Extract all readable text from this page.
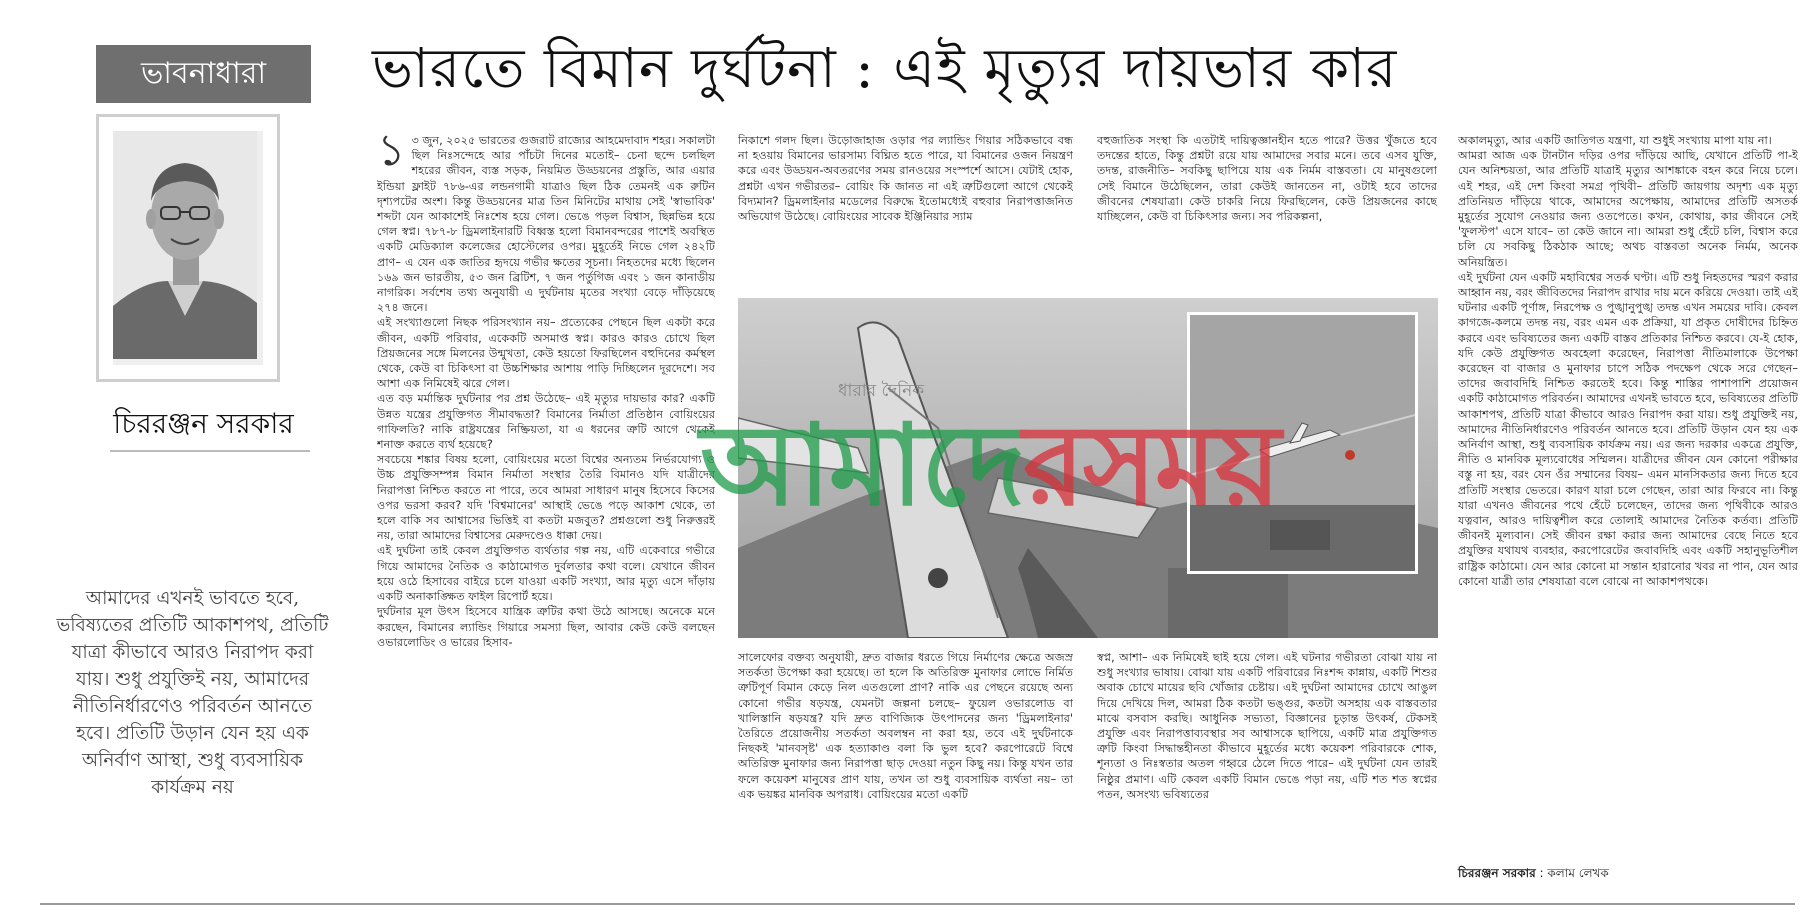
ভাবনাধারা	ভারতে বিমান দুর্ঘটনা : এই মৃত্যুর দায়ভার কার
চিররঞ্জন সরকার
আমাদের এখনই ভাবতে হবে, ভবিষ্যতের প্রতিটি আকাশপথ, প্রতিটি যাত্রা কীভাবে আরও নিরাপদ করা যায়। শুধু প্রযুক্তিই নয়, আমাদের নীতিনির্ধারণেও পরিবর্তন আনতে হবে। প্রতিটি উড়ান যেন হয় এক অনির্বাণ আস্থা, শুধু ব্যবসায়িক কার্যক্রম নয়

১ ৩ জুন, ২০২৫ ভারতের গুজরাট রাজ্যের আহমেদাবাদ শহর। সকালটা ছিল নিঃসন্দেহে আর পাঁচটা দিনের মতোই– চেনা ছন্দে চলছিল শহরের জীবন, ব্যস্ত সড়ক, নিয়মিত উড্ডয়নের প্রস্তুতি, আর এয়ার ইন্ডিয়া ফ্লাইট ৭৮৬-এর লন্ডনগামী যাত্রাও ছিল ঠিক তেমনই এক রুটিন দৃশ্যপটের অংশ। কিন্তু উড্ডয়নের মাত্র তিন মিনিটের মাথায় সেই 'স্বাভাবিক' শব্দটা যেন আকাশেই নিঃশেষ হয়ে গেল। ভেঙে পড়ল বিশ্বাস, ছিন্নভিন্ন হয়ে গেল স্বপ্ন। ৭৮৭-৮ ড্রিমলাইনারটি বিধ্বস্ত হলো বিমানবন্দরের পাশেই অবস্থিত একটি মেডিক্যাল কলেজের হোস্টেলের ওপর। মুহূর্তেই নিভে গেল ২৪২টি প্রাণ– এ যেন এক জাতির হৃদয়ে গভীর ক্ষতের সূচনা। নিহতদের মধ্যে ছিলেন ১৬৯ জন ভারতীয়, ৫৩ জন ব্রিটিশ, ৭ জন পর্তুগিজ এবং ১ জন কানাডীয় নাগরিক। সর্বশেষ তথ্য অনুযায়ী এ দুর্ঘটনায় মৃতের সংখ্যা বেড়ে দাঁড়িয়েছে ২৭৪ জনে।

এই সংখ্যাগুলো নিছক পরিসংখ্যান নয়– প্রত্যেকের পেছনে ছিল একটা করে জীবন, একটি পরিবার, একেকটি অসমাপ্ত স্বপ্ন। কারও কারও চোখে ছিল প্রিয়জনের সঙ্গে মিলনের উন্মুখতা, কেউ হয়তো ফিরছিলেন বহুদিনের কর্মস্থল থেকে, কেউ বা চিকিৎসা বা উচ্চশিক্ষার আশায় পাড়ি দিচ্ছিলেন দূরদেশে। সব আশা এক নিমিষেই ঝরে গেল।

এত বড় মর্মান্তিক দুর্ঘটনার পর প্রশ্ন উঠেছে– এই মৃত্যুর দায়ভার কার? একটি উন্নত যন্ত্রের প্রযুক্তিগত সীমাবদ্ধতা? বিমানের নির্মাতা প্রতিষ্ঠান বোয়িংয়ের গাফিলতি? নাকি রাষ্ট্রযন্ত্রের নিষ্ক্রিয়তা, যা এ ধরনের ত্রুটি আগে থেকেই শনাক্ত করতে ব্যর্থ হয়েছে?

সবচেয়ে শঙ্কার বিষয় হলো, বোয়িংয়ের মতো বিশ্বের অন্যতম নির্ভরযোগ্য ও উচ্চ প্রযুক্তিসম্পন্ন বিমান নির্মাতা সংস্থার তৈরি বিমানও যদি যাত্রীদের নিরাপত্তা নিশ্চিত করতে না পারে, তবে আমরা সাধারণ মানুষ হিসেবে কিসের ওপর ভরসা করব? যদি 'বিশ্বমানের' আস্থাই ভেঙে পড়ে আকাশ থেকে, তা হলে বাকি সব আশ্বাসের ভিত্তিই বা কতটা মজবুত? প্রশ্নগুলো শুধু নিরুত্তরই নয়, তারা আমাদের বিশ্বাসের মেরুদণ্ডেও ধাক্কা দেয়।

এই দুর্ঘটনা তাই কেবল প্রযুক্তিগত ব্যর্থতার গল্প নয়, এটি একেবারে গভীরে গিয়ে আমাদের নৈতিক ও কাঠামোগত দুর্বলতার কথা বলে। যেখানে জীবন হয়ে ওঠে হিসাবের বাইরে চলে যাওয়া একটি সংখ্যা, আর মৃত্যু এসে দাঁড়ায় একটি অনাকাঙ্ক্ষিত ফাইল রিপোর্ট হয়ে।

দুর্ঘটনার মূল উৎস হিসেবে যান্ত্রিক ত্রুটির কথা উঠে আসছে। অনেকে মনে করছেন, বিমানের ল্যান্ডিং গিয়ারে সমস্যা ছিল, আবার কেউ কেউ বলছেন ওভারলোডিং ও ভারের হিসাব-

নিকাশে গলদ ছিল। উড়োজাহাজ ওড়ার পর ল্যান্ডিং গিয়ার সঠিকভাবে বন্ধ না হওয়ায় বিমানের ভারসাম্য বিঘ্নিত হতে পারে, যা বিমানের ওজন নিয়ন্ত্রণ করে এবং উড্ডয়ন-অবতরণের সময় রানওয়ের সংস্পর্শে আসে। যেটাই হোক, প্রশ্নটা এখন গভীরতর– বোয়িং কি জানত না এই ত্রুটিগুলো আগে থেকেই বিদ্যমান? ড্রিমলাইনার মডেলের বিরুদ্ধে ইতোমধ্যেই বহুবার নিরাপত্তাজনিত অভিযোগ উঠেছে। বোয়িংয়ের সাবেক ইঞ্জিনিয়ার স্যাম
বহুজাতিক সংস্থা কি এতটাই দায়িত্বজ্ঞানহীন হতে পারে? উত্তর খুঁজতে হবে তদন্তের হাতে, কিন্তু প্রশ্নটা রয়ে যায় আমাদের সবার মনে। তবে এসব যুক্তি, তদন্ত, রাজনীতি– সবকিছু ছাপিয়ে যায় এক নির্মম বাস্তবতা। যে মানুষগুলো সেই বিমানে উঠেছিলেন, তারা কেউই জানতেন না, ওটাই হবে তাদের জীবনের শেষযাত্রা। কেউ চাকরি নিয়ে ফিরছিলেন, কেউ প্রিয়জনের কাছে যাচ্ছিলেন, কেউ বা চিকিৎসার জন্য। সব পরিকল্পনা,
আমাদেরসময়
ধারার দৈনিক
সালেফোর বক্তব্য অনুযায়ী, দ্রুত বাজার ধরতে গিয়ে নির্মাণের ক্ষেত্রে অজস্র সতর্কতা উপেক্ষা করা হয়েছে। তা হলে কি অতিরিক্ত মুনাফার লোভে নির্মিত ত্রুটিপূর্ণ বিমান কেড়ে নিল এতগুলো প্রাণ? নাকি এর পেছনে রয়েছে অন্য কোনো গভীর ষড়যন্ত্র, যেমনটা জল্পনা চলছে– ফুয়েল ওভারলোড বা খালিস্তানি ষড়যন্ত্র? যদি দ্রুত বাণিজ্যিক উৎপাদনের জন্য 'ড্রিমলাইনার' তৈরিতে প্রয়োজনীয় সতর্কতা অবলম্বন না করা হয়, তবে এই দুর্ঘটনাকে নিছকই 'মানবসৃষ্ট' এক হত্যাকাণ্ড বলা কি ভুল হবে? করপোরেটে বিশ্বে অতিরিক্ত মুনাফার জন্য নিরাপত্তা ছাড় দেওয়া নতুন কিছু নয়। কিন্তু যখন তার ফলে কয়েকশ মানুষের প্রাণ যায়, তখন তা শুধু ব্যবসায়িক ব্যর্থতা নয়– তা এক ভয়ঙ্কর মানবিক অপরাধ। বোয়িংয়ের মতো একটি
স্বপ্ন, আশা– এক নিমিষেই ছাই হয়ে গেল। এই ঘটনার গভীরতা বোঝা যায় না শুধু সংখ্যার ভাষায়। বোঝা যায় একটি পরিবারের নিঃশব্দ কান্নায়, একটি শিশুর অবাক চোখে মায়ের ছবি খোঁজার চেষ্টায়। এই দুর্ঘটনা আমাদের চোখে আঙুল দিয়ে দেখিয়ে দিল, আমরা ঠিক কতটা ভঙ্গুর, কতটা অসহায় এক বাস্তবতার মাঝে বসবাস করছি। আধুনিক সভ্যতা, বিজ্ঞানের চূড়ান্ত উৎকর্ষ, টেকসই প্রযুক্তি এবং নিরাপত্তাব্যবস্থার সব আশ্বাসকে ছাপিয়ে, একটি মাত্র প্রযুক্তিগত ত্রুটি কিংবা সিদ্ধান্তহীনতা কীভাবে মুহূর্তের মধ্যে কয়েকশ পরিবারকে শোক, শূন্যতা ও নিঃস্বতার অতল গহ্বরে ঠেলে দিতে পারে– এই দুর্ঘটনা যেন তারই নিষ্ঠুর প্রমাণ। এটি কেবল একটি বিমান ভেঙে পড়া নয়, এটি শত শত স্বপ্নের পতন, অসংখ্য ভবিষ্যতের

অকালমৃত্যু, আর একটি জাতিগত যন্ত্রণা, যা শুধুই সংখ্যায় মাপা যায় না।

আমরা আজ এক টানটান দড়ির ওপর দাঁড়িয়ে আছি, যেখানে প্রতিটি পা-ই যেন অনিশ্চয়তা, আর প্রতিটি যাত্রাই মৃত্যুর আশঙ্কাকে বহন করে নিয়ে চলে। এই শহর, এই দেশ কিংবা সমগ্র পৃথিবী– প্রতিটি জায়গায় অদৃশ্য এক মৃত্যু প্রতিনিয়ত দাঁড়িয়ে থাকে, আমাদের অপেক্ষায়, আমাদের প্রতিটি অসতর্ক মুহূর্তের সুযোগ নেওয়ার জন্য ওতপেতে। কখন, কোথায়, কার জীবনে সেই 'ফুলস্টপ' এসে যাবে– তা কেউ জানে না। আমরা শুধু হেঁটে চলি, বিশ্বাস করে চলি যে সবকিছু ঠিকঠাক আছে; অথচ বাস্তবতা অনেক নির্মম, অনেক অনিয়ন্ত্রিত।

এই দুর্ঘটনা যেন একটি মহাবিশ্বের সতর্ক ঘণ্টা। এটি শুধু নিহতদের স্মরণ করার আহ্বান নয়, বরং জীবিতদের নিরাপদ রাখার দায় মনে করিয়ে দেওয়া। তাই এই ঘটনার একটি পূর্ণাঙ্গ, নিরপেক্ষ ও পুঙ্খানুপুঙ্খ তদন্ত এখন সময়ের দাবি। কেবল কাগজে-কলমে তদন্ত নয়, বরং এমন এক প্রক্রিয়া, যা প্রকৃত দোষীদের চিহ্নিত করবে এবং ভবিষ্যতের জন্য একটি বাস্তব প্রতিকার নিশ্চিত করবে। যে-ই হোক, যদি কেউ প্রযুক্তিগত অবহেলা করেছেন, নিরাপত্তা নীতিমালাকে উপেক্ষা করেছেন বা বাজার ও মুনাফার চাপে সঠিক পদক্ষেপ থেকে সরে গেছেন– তাদের জবাবদিহি নিশ্চিত করতেই হবে। কিন্তু শাস্তির পাশাপাশি প্রয়োজন একটি কাঠামোগত পরিবর্তন। আমাদের এখনই ভাবতে হবে, ভবিষ্যতের প্রতিটি আকাশপথ, প্রতিটি যাত্রা কীভাবে আরও নিরাপদ করা যায়। শুধু প্রযুক্তিই নয়, আমাদের নীতিনির্ধারণেও পরিবর্তন আনতে হবে। প্রতিটি উড়ান যেন হয় এক অনির্বাণ আস্থা, শুধু ব্যবসায়িক কার্যক্রম নয়। এর জন্য দরকার একত্রে প্রযুক্তি, নীতি ও মানবিক মূল্যবোধের সম্মিলন। যাত্রীদের জীবন যেন কোনো পরীক্ষার বস্তু না হয়, বরং যেন ওঁর সম্মানের বিষয়– এমন মানসিকতার জন্য দিতে হবে প্রতিটি সংস্থার ভেতরে। কারণ যারা চলে গেছেন, তারা আর ফিরবে না। কিন্তু যারা এখনও জীবনের পথে হেঁটে চলেছেন, তাদের জন্য পৃথিবীকে আরও যত্নবান, আরও দায়িত্বশীল করে তোলাই আমাদের নৈতিক কর্তব্য। প্রতিটি জীবনই মূল্যবান। সেই জীবন রক্ষা করার জন্য আমাদের বেছে নিতে হবে প্রযুক্তির যথাযথ ব্যবহার, করপোরেটের জবাবদিহি এবং একটি সহানুভূতিশীল রাষ্ট্রিক কাঠামো। যেন আর কোনো মা সন্তান হারানোর খবর না পান, যেন আর কোনো যাত্রী তার শেষযাত্রা বলে বোঝে না আকাশপথকে।

চিররঞ্জন সরকার : কলাম লেখক
